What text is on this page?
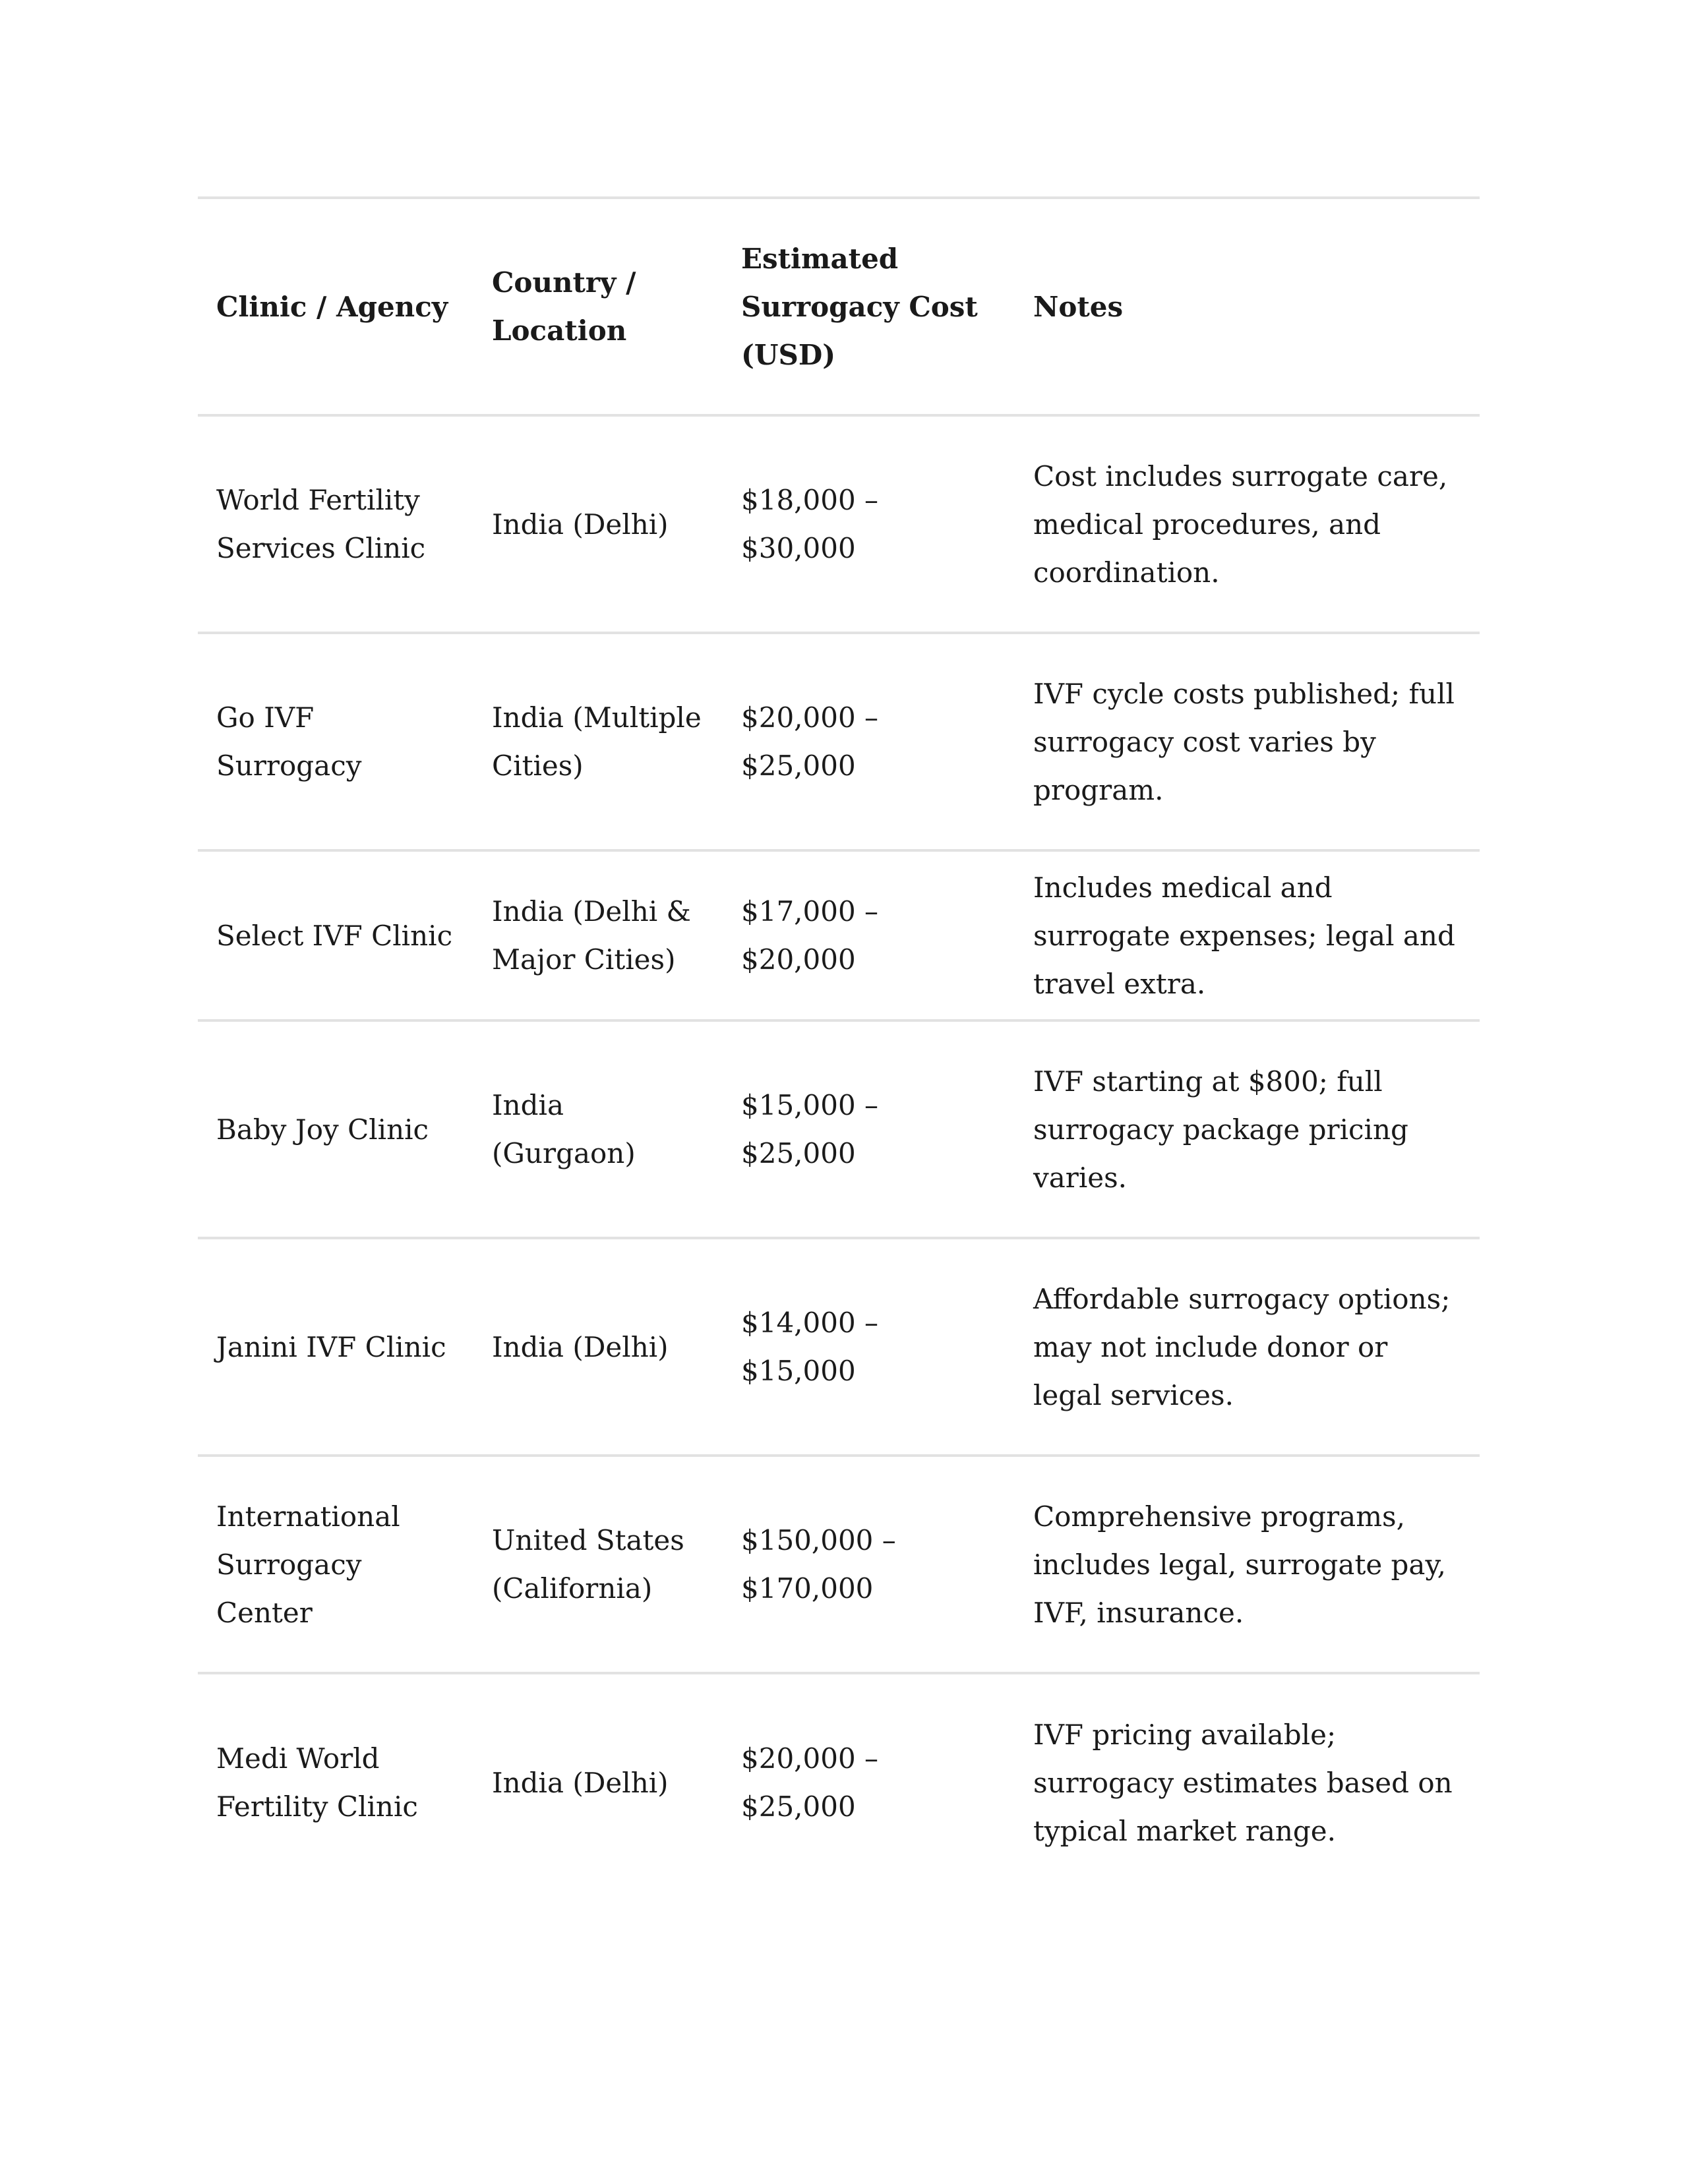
Clinic / Agency	Country / Location	Estimated Surrogacy Cost (USD)	Notes
World Fertility Services Clinic	India (Delhi)	$18,000 – $30,000	Cost includes surrogate care, medical procedures, and coordination.
Go IVF Surrogacy	India (Multiple Cities)	$20,000 – $25,000	IVF cycle costs published; full surrogacy cost varies by program.
Select IVF Clinic	India (Delhi & Major Cities)	$17,000 – $20,000	Includes medical and surrogate expenses; legal and travel extra.
Baby Joy Clinic	India (Gurgaon)	$15,000 – $25,000	IVF starting at $800; full surrogacy package pricing varies.
Janini IVF Clinic	India (Delhi)	$14,000 – $15,000	Affordable surrogacy options; may not include donor or legal services.
International Surrogacy Center	United States (California)	$150,000 – $170,000	Comprehensive programs, includes legal, surrogate pay, IVF, insurance.
Medi World Fertility Clinic	India (Delhi)	$20,000 – $25,000	IVF pricing available; surrogacy estimates based on typical market range.
